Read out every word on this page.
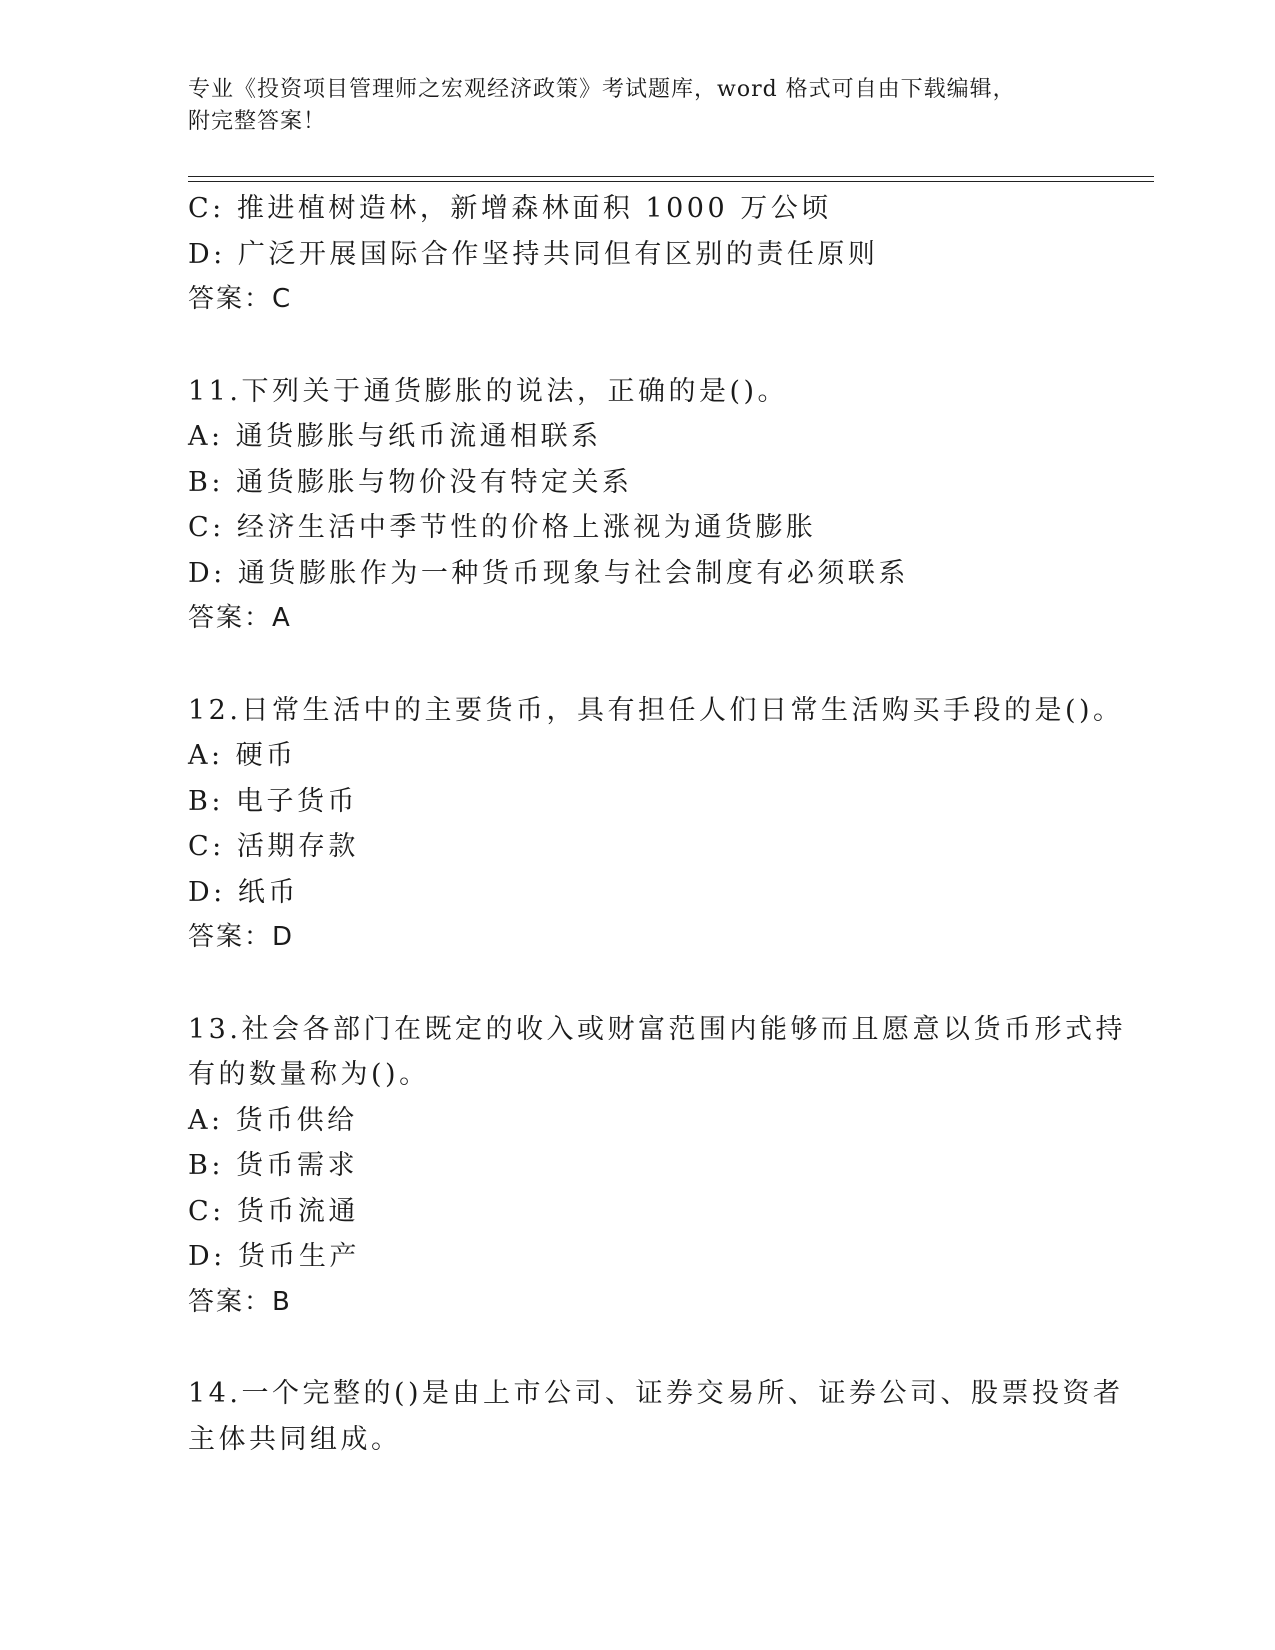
专业《投资项目管理师之宏观经济政策》考试题库，word 格式可自由下载编辑，
附完整答案！
C: 推进植树造林，新增森林面积 1000 万公顷
D: 广泛开展国际合作坚持共同但有区别的责任原则
答案：C
11.下列关于通货膨胀的说法，正确的是()。
A: 通货膨胀与纸币流通相联系
B: 通货膨胀与物价没有特定关系
C: 经济生活中季节性的价格上涨视为通货膨胀
D: 通货膨胀作为一种货币现象与社会制度有必须联系
答案：A
12.日常生活中的主要货币，具有担任人们日常生活购买手段的是()。
A: 硬币
B: 电子货币
C: 活期存款
D: 纸币
答案：D
13.社会各部门在既定的收入或财富范围内能够而且愿意以货币形式持
有的数量称为()。
A: 货币供给
B: 货币需求
C: 货币流通
D: 货币生产
答案：B
14.一个完整的()是由上市公司、证券交易所、证券公司、股票投资者
主体共同组成。
